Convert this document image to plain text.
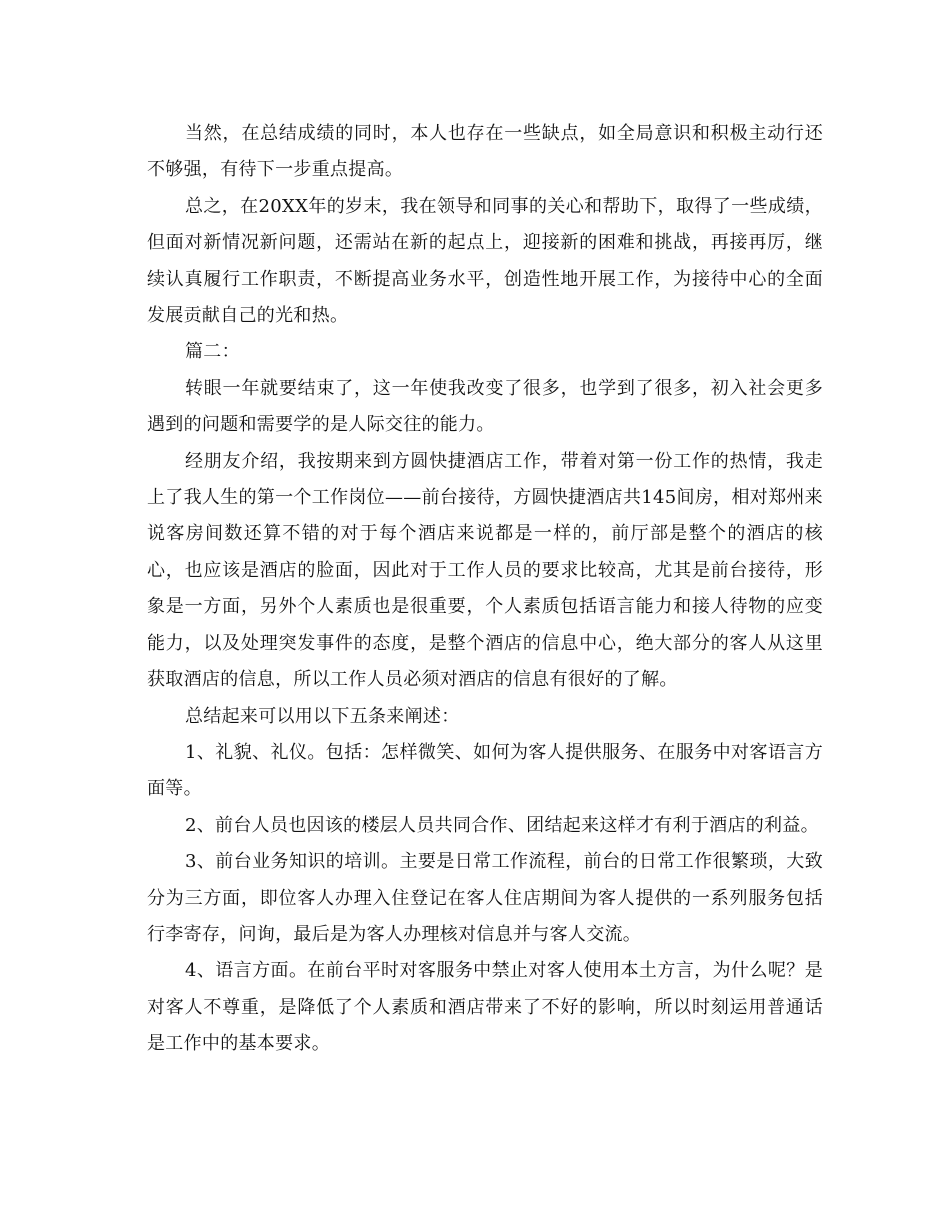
当然，在总结成绩的同时，本人也存在一些缺点，如全局意识和积极主动行还不够强，有待下一步重点提高。

总之，在20XX年的岁末，我在领导和同事的关心和帮助下，取得了一些成绩，但面对新情况新问题，还需站在新的起点上，迎接新的困难和挑战，再接再厉，继续认真履行工作职责，不断提高业务水平，创造性地开展工作，为接待中心的全面发展贡献自己的光和热。

篇二：

转眼一年就要结束了，这一年使我改变了很多，也学到了很多，初入社会更多遇到的问题和需要学的是人际交往的能力。

经朋友介绍，我按期来到方圆快捷酒店工作，带着对第一份工作的热情，我走上了我人生的第一个工作岗位——前台接待，方圆快捷酒店共145间房，相对郑州来说客房间数还算不错的对于每个酒店来说都是一样的，前厅部是整个的酒店的核心，也应该是酒店的脸面，因此对于工作人员的要求比较高，尤其是前台接待，形象是一方面，另外个人素质也是很重要，个人素质包括语言能力和接人待物的应变能力，以及处理突发事件的态度，是整个酒店的信息中心，绝大部分的客人从这里获取酒店的信息，所以工作人员必须对酒店的信息有很好的了解。

总结起来可以用以下五条来阐述：

1、礼貌、礼仪。包括：怎样微笑、如何为客人提供服务、在服务中对客语言方面等。

2、前台人员也因该的楼层人员共同合作、团结起来这样才有利于酒店的利益。

3、前台业务知识的培训。主要是日常工作流程，前台的日常工作很繁琐，大致分为三方面，即位客人办理入住登记在客人住店期间为客人提供的一系列服务包括行李寄存，问询，最后是为客人办理核对信息并与客人交流。

4、语言方面。在前台平时对客服务中禁止对客人使用本土方言，为什么呢？是对客人不尊重，是降低了个人素质和酒店带来了不好的影响，所以时刻运用普通话是工作中的基本要求。
